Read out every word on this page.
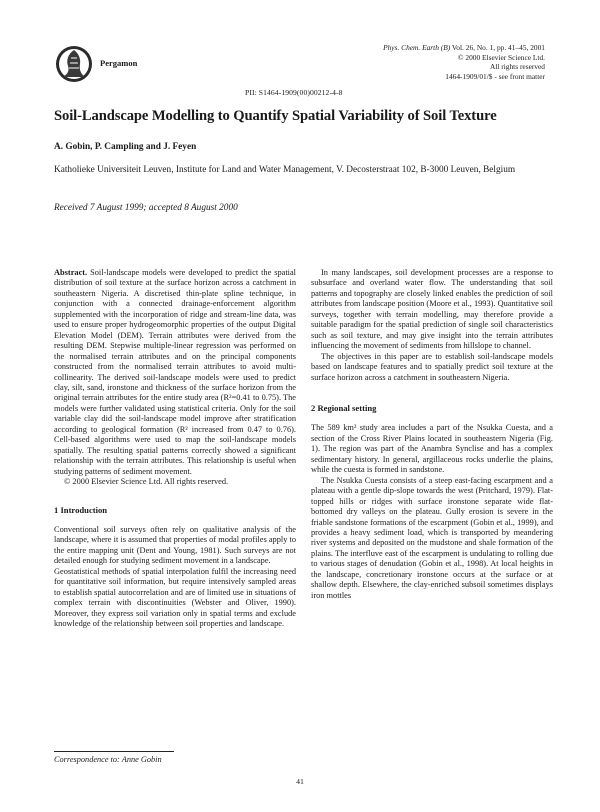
Pergamon
Phys. Chem. Earth (B) Vol. 26, No. 1, pp. 41–45, 2001
© 2000 Elsevier Science Ltd.
All rights reserved
1464-1909/01/$ - see front matter
PII: S1464-1909(00)00212-4-8
Soil-Landscape Modelling to Quantify Spatial Variability of Soil Texture
A. Gobin, P. Campling and J. Feyen
Katholieke Universiteit Leuven, Institute for Land and Water Management, V. Decosterstraat 102, B-3000 Leuven, Belgium
Received 7 August 1999; accepted 8 August 2000

Abstract. Soil-landscape models were developed to predict the spatial distribution of soil texture at the surface horizon across a catchment in southeastern Nigeria. A discretised thin-plate spline technique, in conjunction with a connected drainage-enforcement algorithm supplemented with the incorporation of ridge and stream-line data, was used to ensure proper hydrogeomorphic properties of the output Digital Elevation Model (DEM). Terrain attributes were derived from the resulting DEM. Stepwise multiple-linear regression was performed on the normalised terrain attributes and on the principal components constructed from the normalised terrain attributes to avoid multi-collinearity. The derived soil-landscape models were used to predict clay, silt, sand, ironstone and thickness of the surface horizon from the original terrain attributes for the entire study area (R²=0.41 to 0.75). The models were further validated using statistical criteria. Only for the soil variable clay did the soil-landscape model improve after stratification according to geological formation (R² increased from 0.47 to 0.76). Cell-based algorithms were used to map the soil-landscape models spatially. The resulting spatial patterns correctly showed a significant relationship with the terrain attributes. This relationship is useful when studying patterns of sediment movement.

© 2000 Elsevier Science Ltd. All rights reserved.

1 Introduction

Conventional soil surveys often rely on qualitative analysis of the landscape, where it is assumed that properties of modal profiles apply to the entire mapping unit (Dent and Young, 1981). Such surveys are not detailed enough for studying sediment movement in a landscape.

Geostatistical methods of spatial interpolation fulfil the increasing need for quantitative soil information, but require intensively sampled areas to establish spatial autocorrelation and are of limited use in situations of complex terrain with discontinuities (Webster and Oliver, 1990). Moreover, they express soil variation only in spatial terms and exclude knowledge of the relationship between soil properties and landscape.

In many landscapes, soil development processes are a response to subsurface and overland water flow. The understanding that soil patterns and topography are closely linked enables the prediction of soil attributes from landscape position (Moore et al., 1993). Quantitative soil surveys, together with terrain modelling, may therefore provide a suitable paradigm for the spatial prediction of single soil characteristics such as soil texture, and may give insight into the terrain attributes influencing the movement of sediments from hillslope to channel.

The objectives in this paper are to establish soil-landscape models based on landscape features and to spatially predict soil texture at the surface horizon across a catchment in southeastern Nigeria.

2 Regional setting

The 589 km² study area includes a part of the Nsukka Cuesta, and a section of the Cross River Plains located in southeastern Nigeria (Fig. 1). The region was part of the Anambra Synclise and has a complex sedimentary history. In general, argillaceous rocks underlie the plains, while the cuesta is formed in sandstone.

The Nsukka Cuesta consists of a steep east-facing escarpment and a plateau with a gentle dip-slope towards the west (Pritchard, 1979). Flat-topped hills or ridges with surface ironstone separate wide flat-bottomed dry valleys on the plateau. Gully erosion is severe in the friable sandstone formations of the escarpment (Gobin et al., 1999), and provides a heavy sediment load, which is transported by meandering river systems and deposited on the mudstone and shale formation of the plains. The interfluve east of the escarpment is undulating to rolling due to various stages of denudation (Gobin et al., 1998). At local heights in the landscape, concretionary ironstone occurs at the surface or at shallow depth. Elsewhere, the clay-enriched subsoil sometimes displays iron mottles

Correspondence to: Anne Gobin
41
